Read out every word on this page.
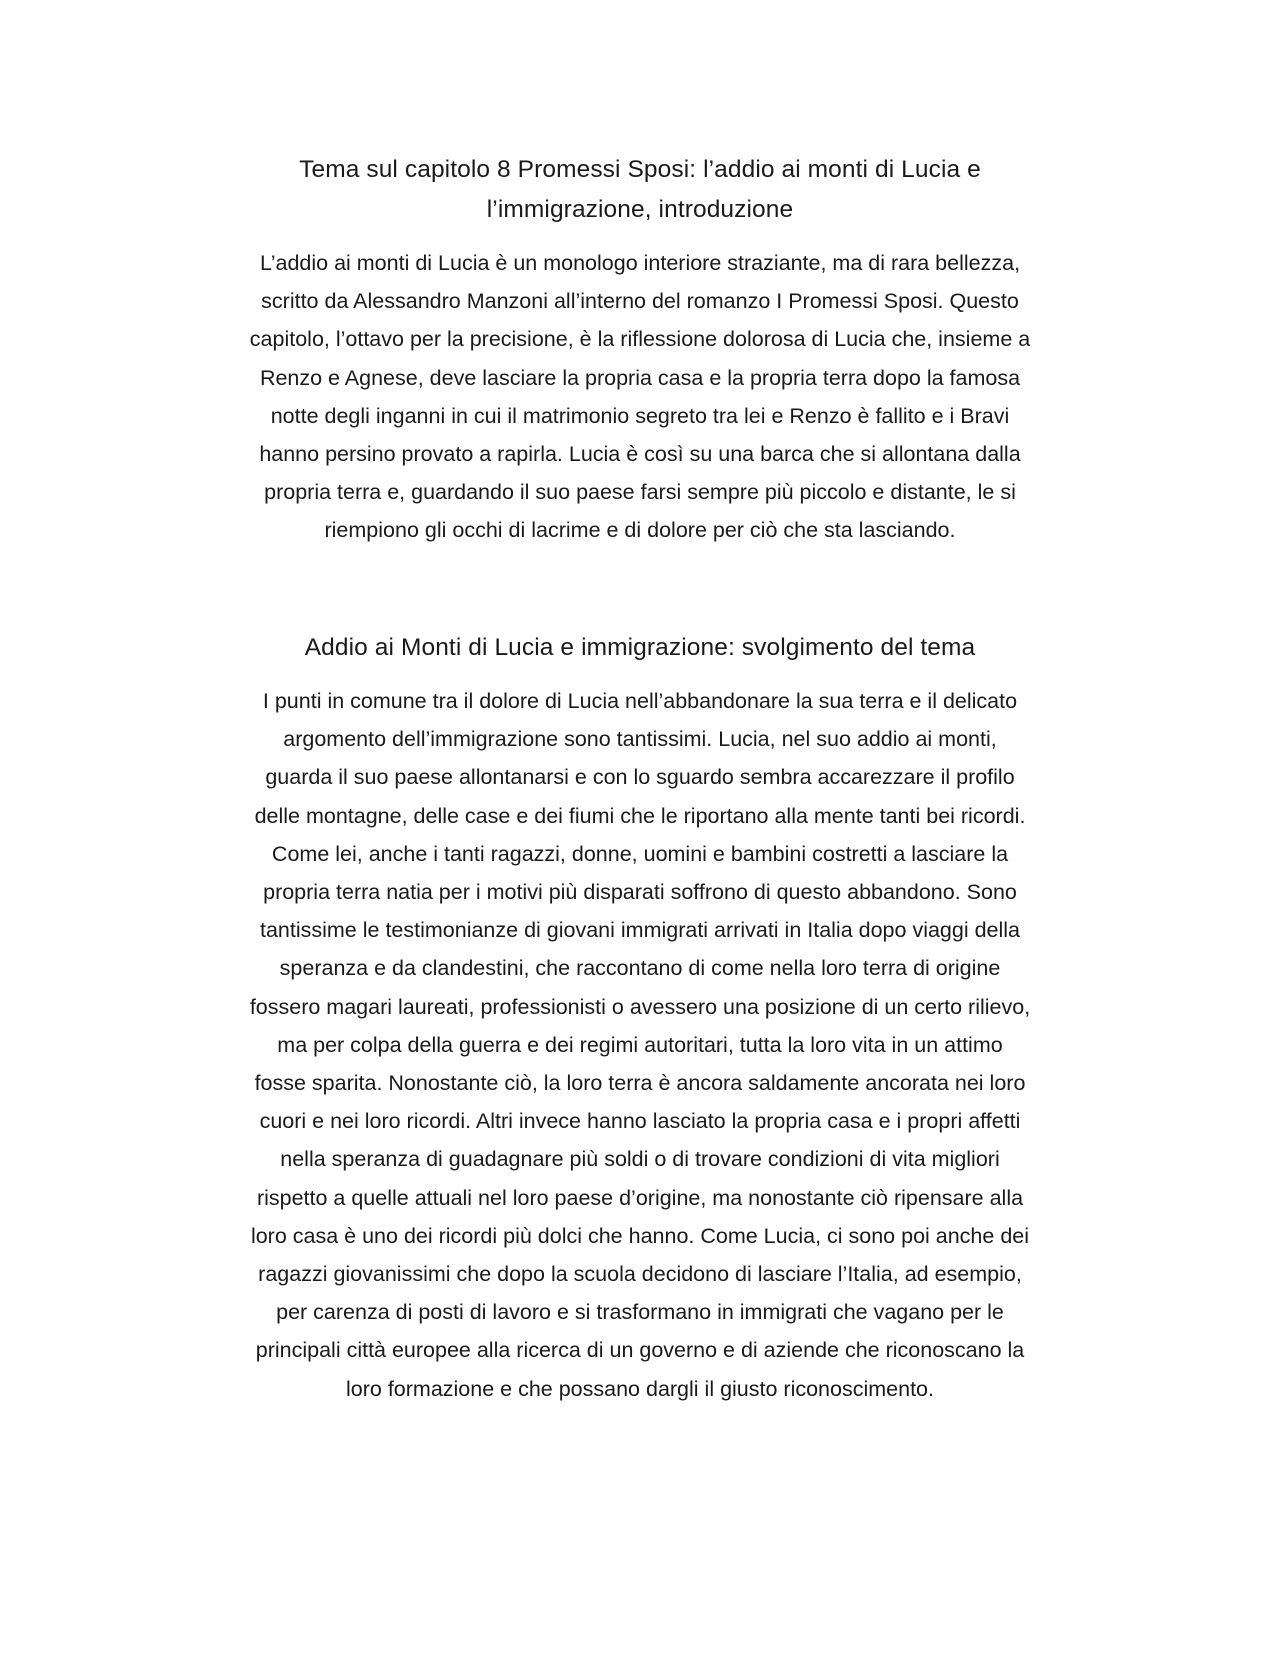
Tema sul capitolo 8 Promessi Sposi: l’addio ai monti di Lucia e
l’immigrazione, introduzione

L’addio ai monti di Lucia è un monologo interiore straziante, ma di rara bellezza,
scritto da Alessandro Manzoni all’interno del romanzo I Promessi Sposi. Questo
capitolo, l’ottavo per la precisione, è la riflessione dolorosa di Lucia che, insieme a
Renzo e Agnese, deve lasciare la propria casa e la propria terra dopo la famosa
notte degli inganni in cui il matrimonio segreto tra lei e Renzo è fallito e i Bravi
hanno persino provato a rapirla. Lucia è così su una barca che si allontana dalla
propria terra e, guardando il suo paese farsi sempre più piccolo e distante, le si
riempiono gli occhi di lacrime e di dolore per ciò che sta lasciando.

Addio ai Monti di Lucia e immigrazione: svolgimento del tema

I punti in comune tra il dolore di Lucia nell’abbandonare la sua terra e il delicato
argomento dell’immigrazione sono tantissimi. Lucia, nel suo addio ai monti,
guarda il suo paese allontanarsi e con lo sguardo sembra accarezzare il profilo
delle montagne, delle case e dei fiumi che le riportano alla mente tanti bei ricordi.
Come lei, anche i tanti ragazzi, donne, uomini e bambini costretti a lasciare la
propria terra natia per i motivi più disparati soffrono di questo abbandono. Sono
tantissime le testimonianze di giovani immigrati arrivati in Italia dopo viaggi della
speranza e da clandestini, che raccontano di come nella loro terra di origine
fossero magari laureati, professionisti o avessero una posizione di un certo rilievo,
ma per colpa della guerra e dei regimi autoritari, tutta la loro vita in un attimo
fosse sparita. Nonostante ciò, la loro terra è ancora saldamente ancorata nei loro
cuori e nei loro ricordi. Altri invece hanno lasciato la propria casa e i propri affetti
nella speranza di guadagnare più soldi o di trovare condizioni di vita migliori
rispetto a quelle attuali nel loro paese d’origine, ma nonostante ciò ripensare alla
loro casa è uno dei ricordi più dolci che hanno. Come Lucia, ci sono poi anche dei
ragazzi giovanissimi che dopo la scuola decidono di lasciare l’Italia, ad esempio,
per carenza di posti di lavoro e si trasformano in immigrati che vagano per le
principali città europee alla ricerca di un governo e di aziende che riconoscano la
loro formazione e che possano dargli il giusto riconoscimento.
